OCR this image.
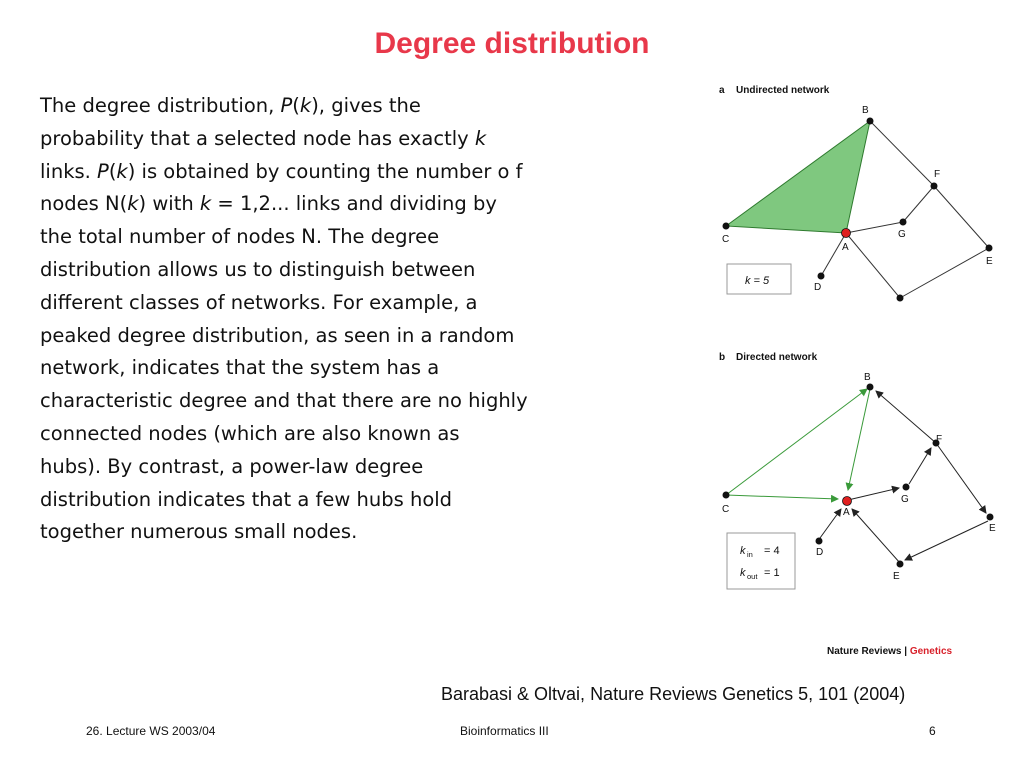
Degree distribution
The degree distribution, P(k), gives the
probability that a selected node has exactly k
links. P(k) is obtained by counting the number o f
nodes N(k) with k = 1,2... links and dividing by
the total number of nodes N. The degree
distribution allows us to distinguish between
different classes of networks. For example, a
peaked degree distribution, as seen in a random
network, indicates that the system has a
characteristic degree and that there are no highly
connected nodes (which are also known as
hubs). By contrast, a power-law degree
distribution indicates that a few hubs hold
together numerous small nodes.
a Undirected network
B
C
A
F
G
E
D
k = 5
b Directed network
B
C	A
F
G
E
D
E
k in = 4
k out = 1
Nature Reviews | Genetics
Barabasi & Oltvai, Nature Reviews Genetics 5, 101 (2004)
26. Lecture WS 2003/04	Bioinformatics III	6
